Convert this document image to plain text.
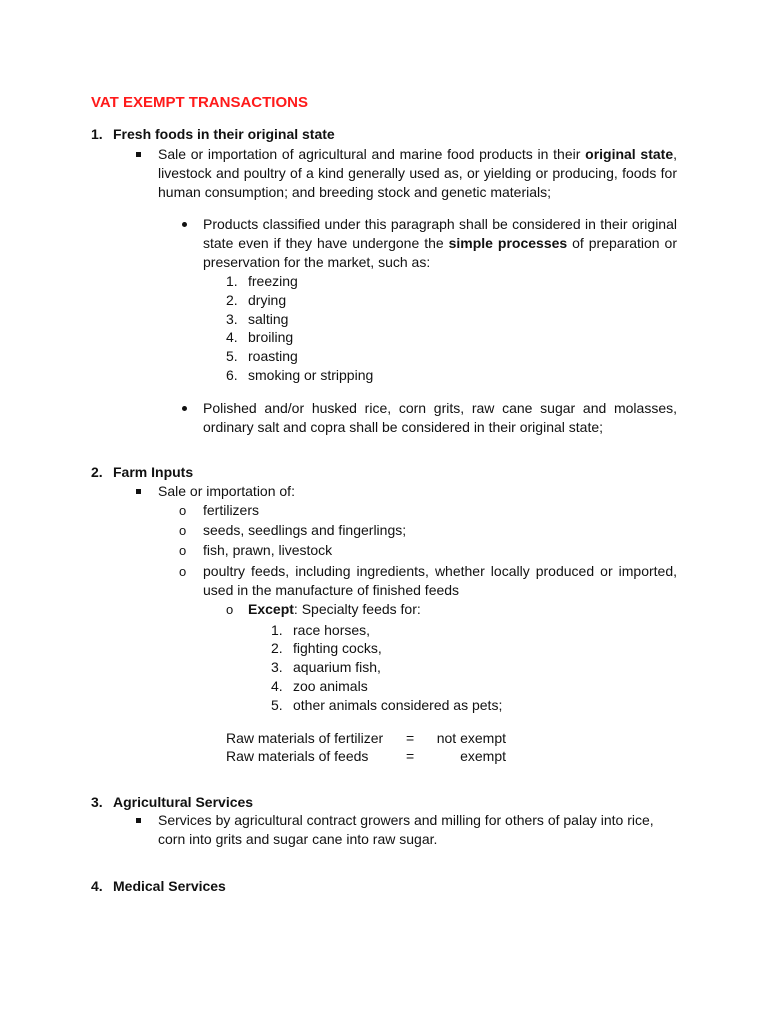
VAT EXEMPT TRANSACTIONS
1. Fresh foods in their original state
Sale or importation of agricultural and marine food products in their original state, livestock and poultry of a kind generally used as, or yielding or producing, foods for human consumption; and breeding stock and genetic materials;
Products classified under this paragraph shall be considered in their original state even if they have undergone the simple processes of preparation or preservation for the market, such as:
1. freezing
2. drying
3. salting
4. broiling
5. roasting
6. smoking or stripping
Polished and/or husked rice, corn grits, raw cane sugar and molasses, ordinary salt and copra shall be considered in their original state;
2. Farm Inputs
Sale or importation of:
o fertilizers
o seeds, seedlings and fingerlings;
o fish, prawn, livestock
o poultry feeds, including ingredients, whether locally produced or imported, used in the manufacture of finished feeds
o Except: Specialty feeds for:
1. race horses,
2. fighting cocks,
3. aquarium fish,
4. zoo animals
5. other animals considered as pets;
Raw materials of fertilizer = not exempt
Raw materials of feeds	=	exempt
3. Agricultural Services
Services by agricultural contract growers and milling for others of palay into rice, corn into grits and sugar cane into raw sugar.
4. Medical Services
